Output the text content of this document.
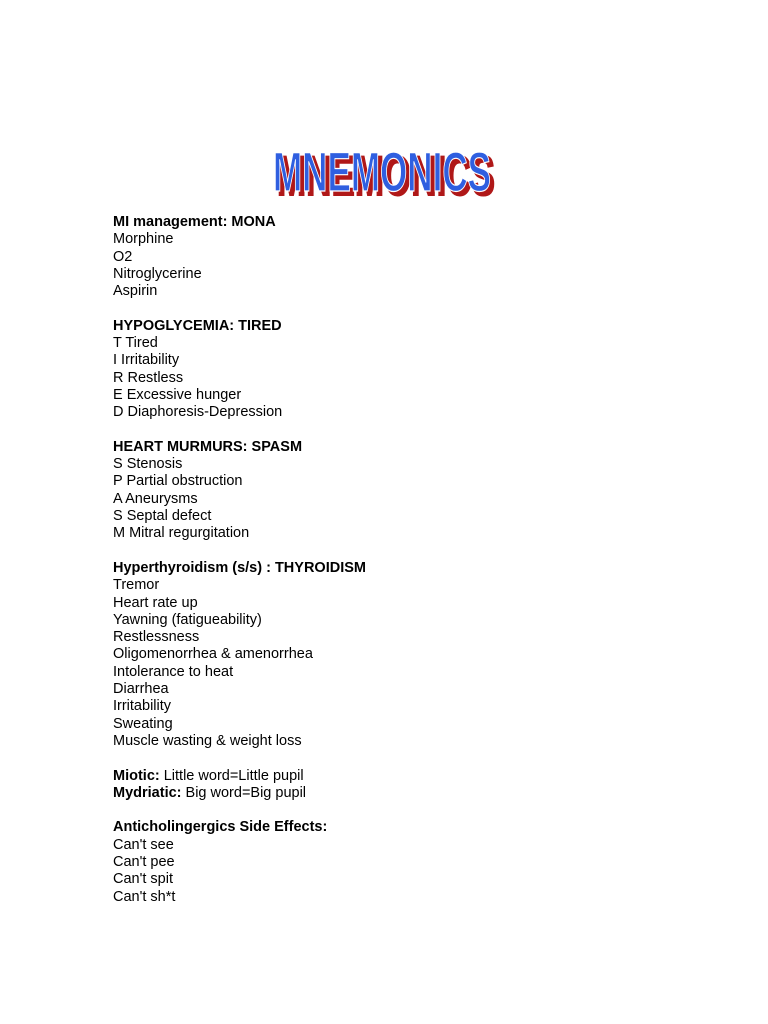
MNEMONICS
MNEMONICS
MI management: MONA
Morphine
O2
Nitroglycerine
Aspirin
HYPOGLYCEMIA: TIRED
T Tired
I Irritability
R Restless
E Excessive hunger
D Diaphoresis-Depression
HEART MURMURS: SPASM
S Stenosis
P Partial obstruction
A Aneurysms
S Septal defect
M Mitral regurgitation
Hyperthyroidism (s/s) : THYROIDISM
Tremor
Heart rate up
Yawning (fatigueability)
Restlessness
Oligomenorrhea & amenorrhea
Intolerance to heat
Diarrhea
Irritability
Sweating
Muscle wasting & weight loss
Miotic: Little word=Little pupil
Mydriatic: Big word=Big pupil
Anticholingergics Side Effects:
Can't see
Can't pee
Can't spit
Can't sh*t
